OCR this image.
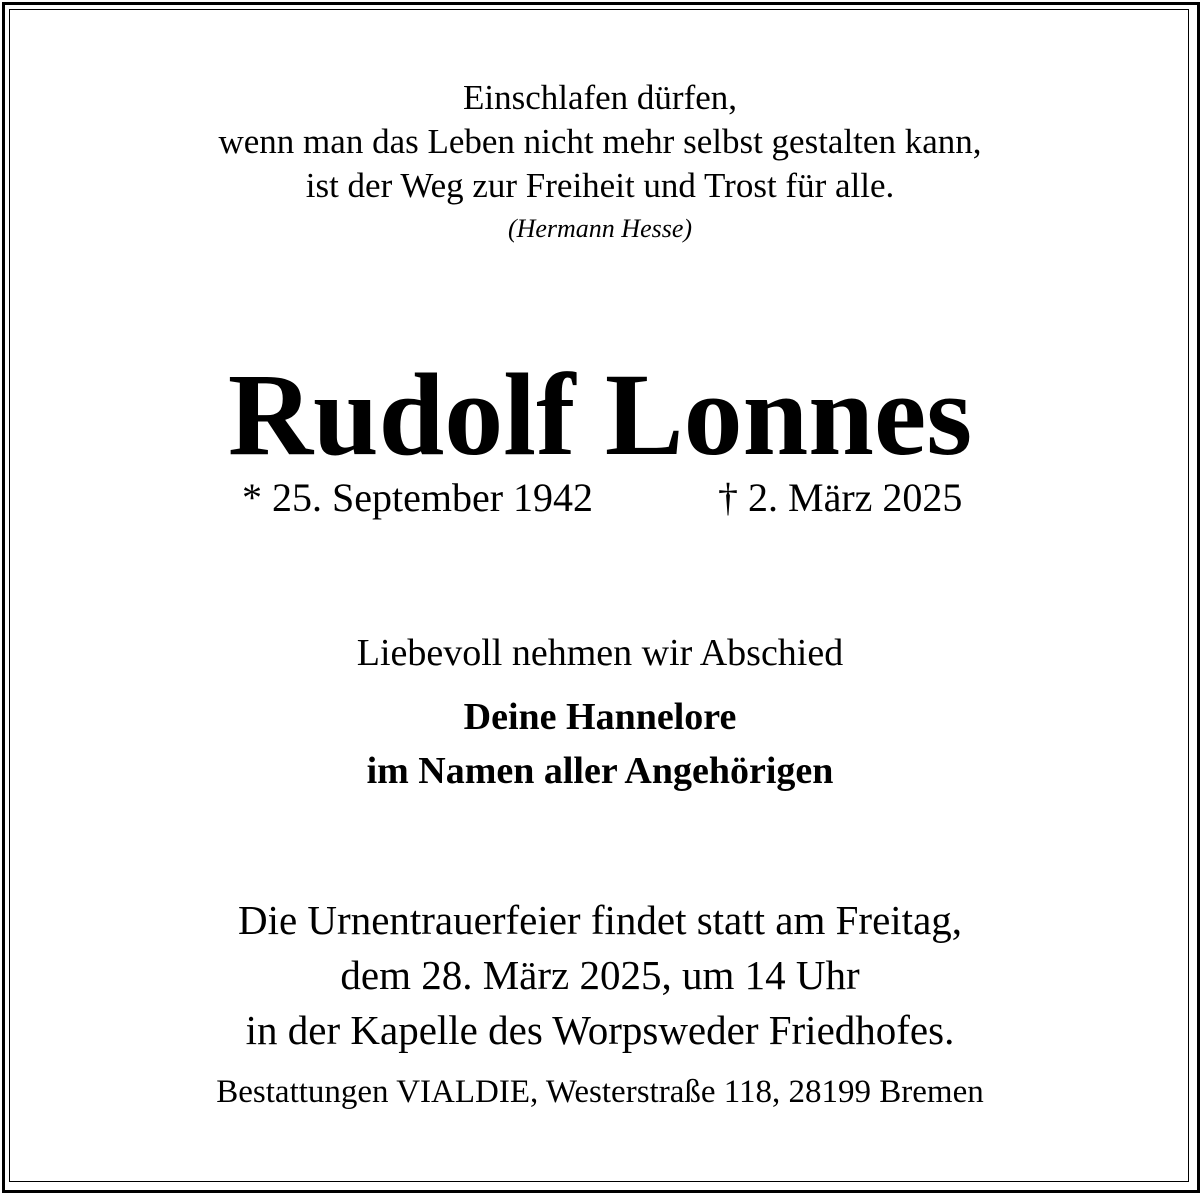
Einschlafen dürfen,
wenn man das Leben nicht mehr selbst gestalten kann,
ist der Weg zur Freiheit und Trost für alle.
(Hermann Hesse)
Rudolf Lonnes
* 25. September 1942	† 2. März 2025
Liebevoll nehmen wir Abschied
Deine Hannelore
im Namen aller Angehörigen
Die Urnentrauerfeier findet statt am Freitag,
dem 28. März 2025, um 14 Uhr
in der Kapelle des Worpsweder Friedhofes.
Bestattungen VIALDIE, Westerstraße 118, 28199 Bremen
